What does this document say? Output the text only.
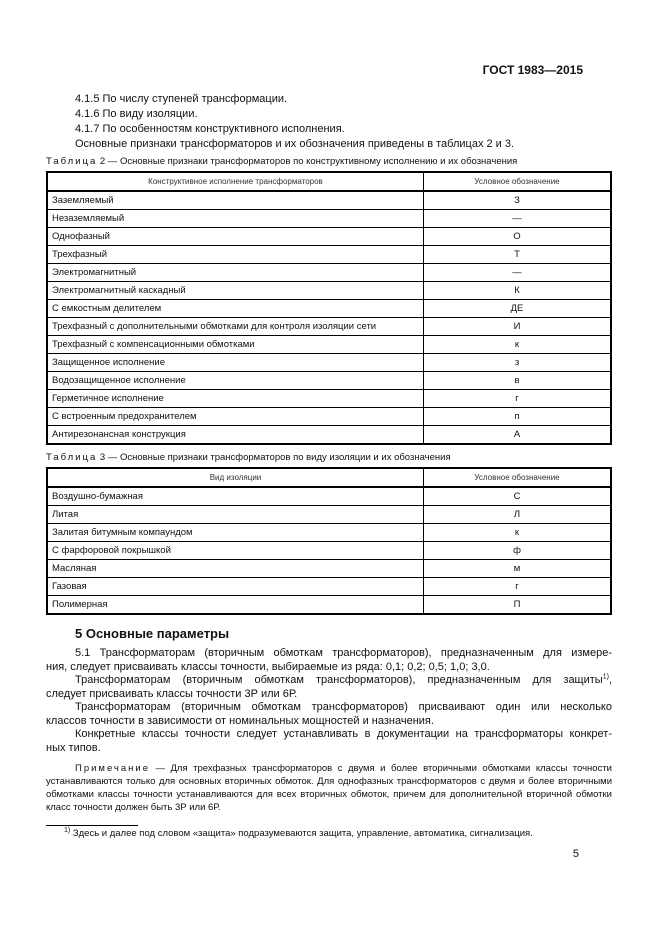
ГОСТ 1983—2015
4.1.5 По числу ступеней трансформации.
4.1.6 По виду изоляции.
4.1.7 По особенностям конструктивного исполнения.
Основные признаки трансформаторов и их обозначения приведены в таблицах 2 и 3.
Таблица 2 — Основные признаки трансформаторов по конструктивному исполнению и их обозначения
Конструктивное исполнение трансформаторов	Условное обозначение
Заземляемый	З
Незаземляемый	—
Однофазный	О
Трехфазный	Т
Электромагнитный	—
Электромагнитный каскадный	К
С емкостным делителем	ДЕ
Трехфазный с дополнительными обмотками для контроля изоляции сети	И
Трехфазный с компенсационными обмотками	к
Защищенное исполнение	з
Водозащищенное исполнение	в
Герметичное исполнение	г
С встроенным предохранителем	п
Антирезонансная конструкция	А
Таблица 3 — Основные признаки трансформаторов по виду изоляции и их обозначения
Вид изоляции	Условное обозначение
Воздушно-бумажная	С
Литая	Л
Залитая битумным компаундом	к
С фарфоровой покрышкой	ф
Масляная	м
Газовая	г
Полимерная	П
5 Основные параметры
5.1 Трансформаторам (вторичным обмоткам трансформаторов), предназначенным для измере-
ния, следует присваивать классы точности, выбираемые из ряда: 0,1; 0,2; 0,5; 1,0; 3,0.
Трансформаторам (вторичным обмоткам трансформаторов), предназначенным для защиты$^{1)}$,
следует присваивать классы точности 3Р или 6Р.
Трансформаторам (вторичным обмоткам трансформаторов) присваивают один или несколько
классов точности в зависимости от номинальных мощностей и назначения.
Конкретные классы точности следует устанавливать в документации на трансформаторы конкрет-
ных типов.
Примечание — Для трехфазных трансформаторов с двумя и более вторичными обмотками классы точности устанавливаются только для основных вторичных обмоток. Для однофазных трансформаторов с двумя и более вторичными обмотками классы точности устанавливаются для всех вторичных обмоток, причем для дополнительной вторичной обмотки класс точности должен быть 3Р или 6Р.
$^{1)}$ Здесь и далее под словом «защита» подразумеваются защита, управление, автоматика, сигнализация.
5
